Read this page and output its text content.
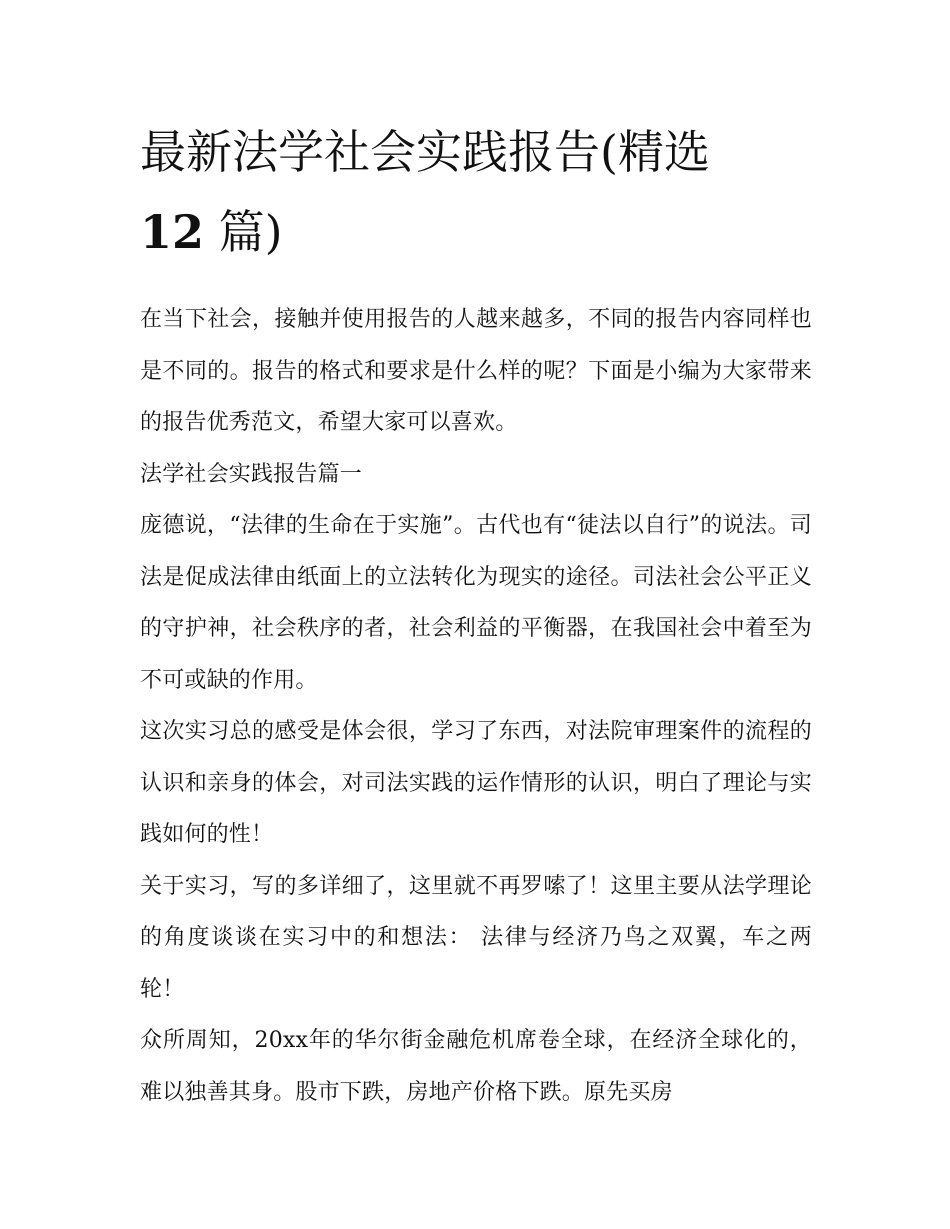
最新法学社会实践报告(精选
12 篇)

在当下社会，接触并使用报告的人越来越多，不同的报告内容同样也是不同的。报告的格式和要求是什么样的呢？下面是小编为大家带来的报告优秀范文，希望大家可以喜欢。

法学社会实践报告篇一

庞德说，“法律的生命在于实施”。古代也有“徒法以自行”的说法。司法是促成法律由纸面上的立法转化为现实的途径。司法社会公平正义的守护神，社会秩序的者，社会利益的平衡器，在我国社会中着至为不可或缺的作用。

这次实习总的感受是体会很，学习了东西，对法院审理案件的流程的认识和亲身的体会，对司法实践的运作情形的认识，明白了理论与实践如何的性！

关于实习，写的多详细了，这里就不再罗嗦了！这里主要从法学理论的角度谈谈在实习中的和想法： 法律与经济乃鸟之双翼，车之两轮！

众所周知，20xx年的华尔街金融危机席卷全球，在经济全球化的，难以独善其身。股市下跌，房地产价格下跌。原先买房
